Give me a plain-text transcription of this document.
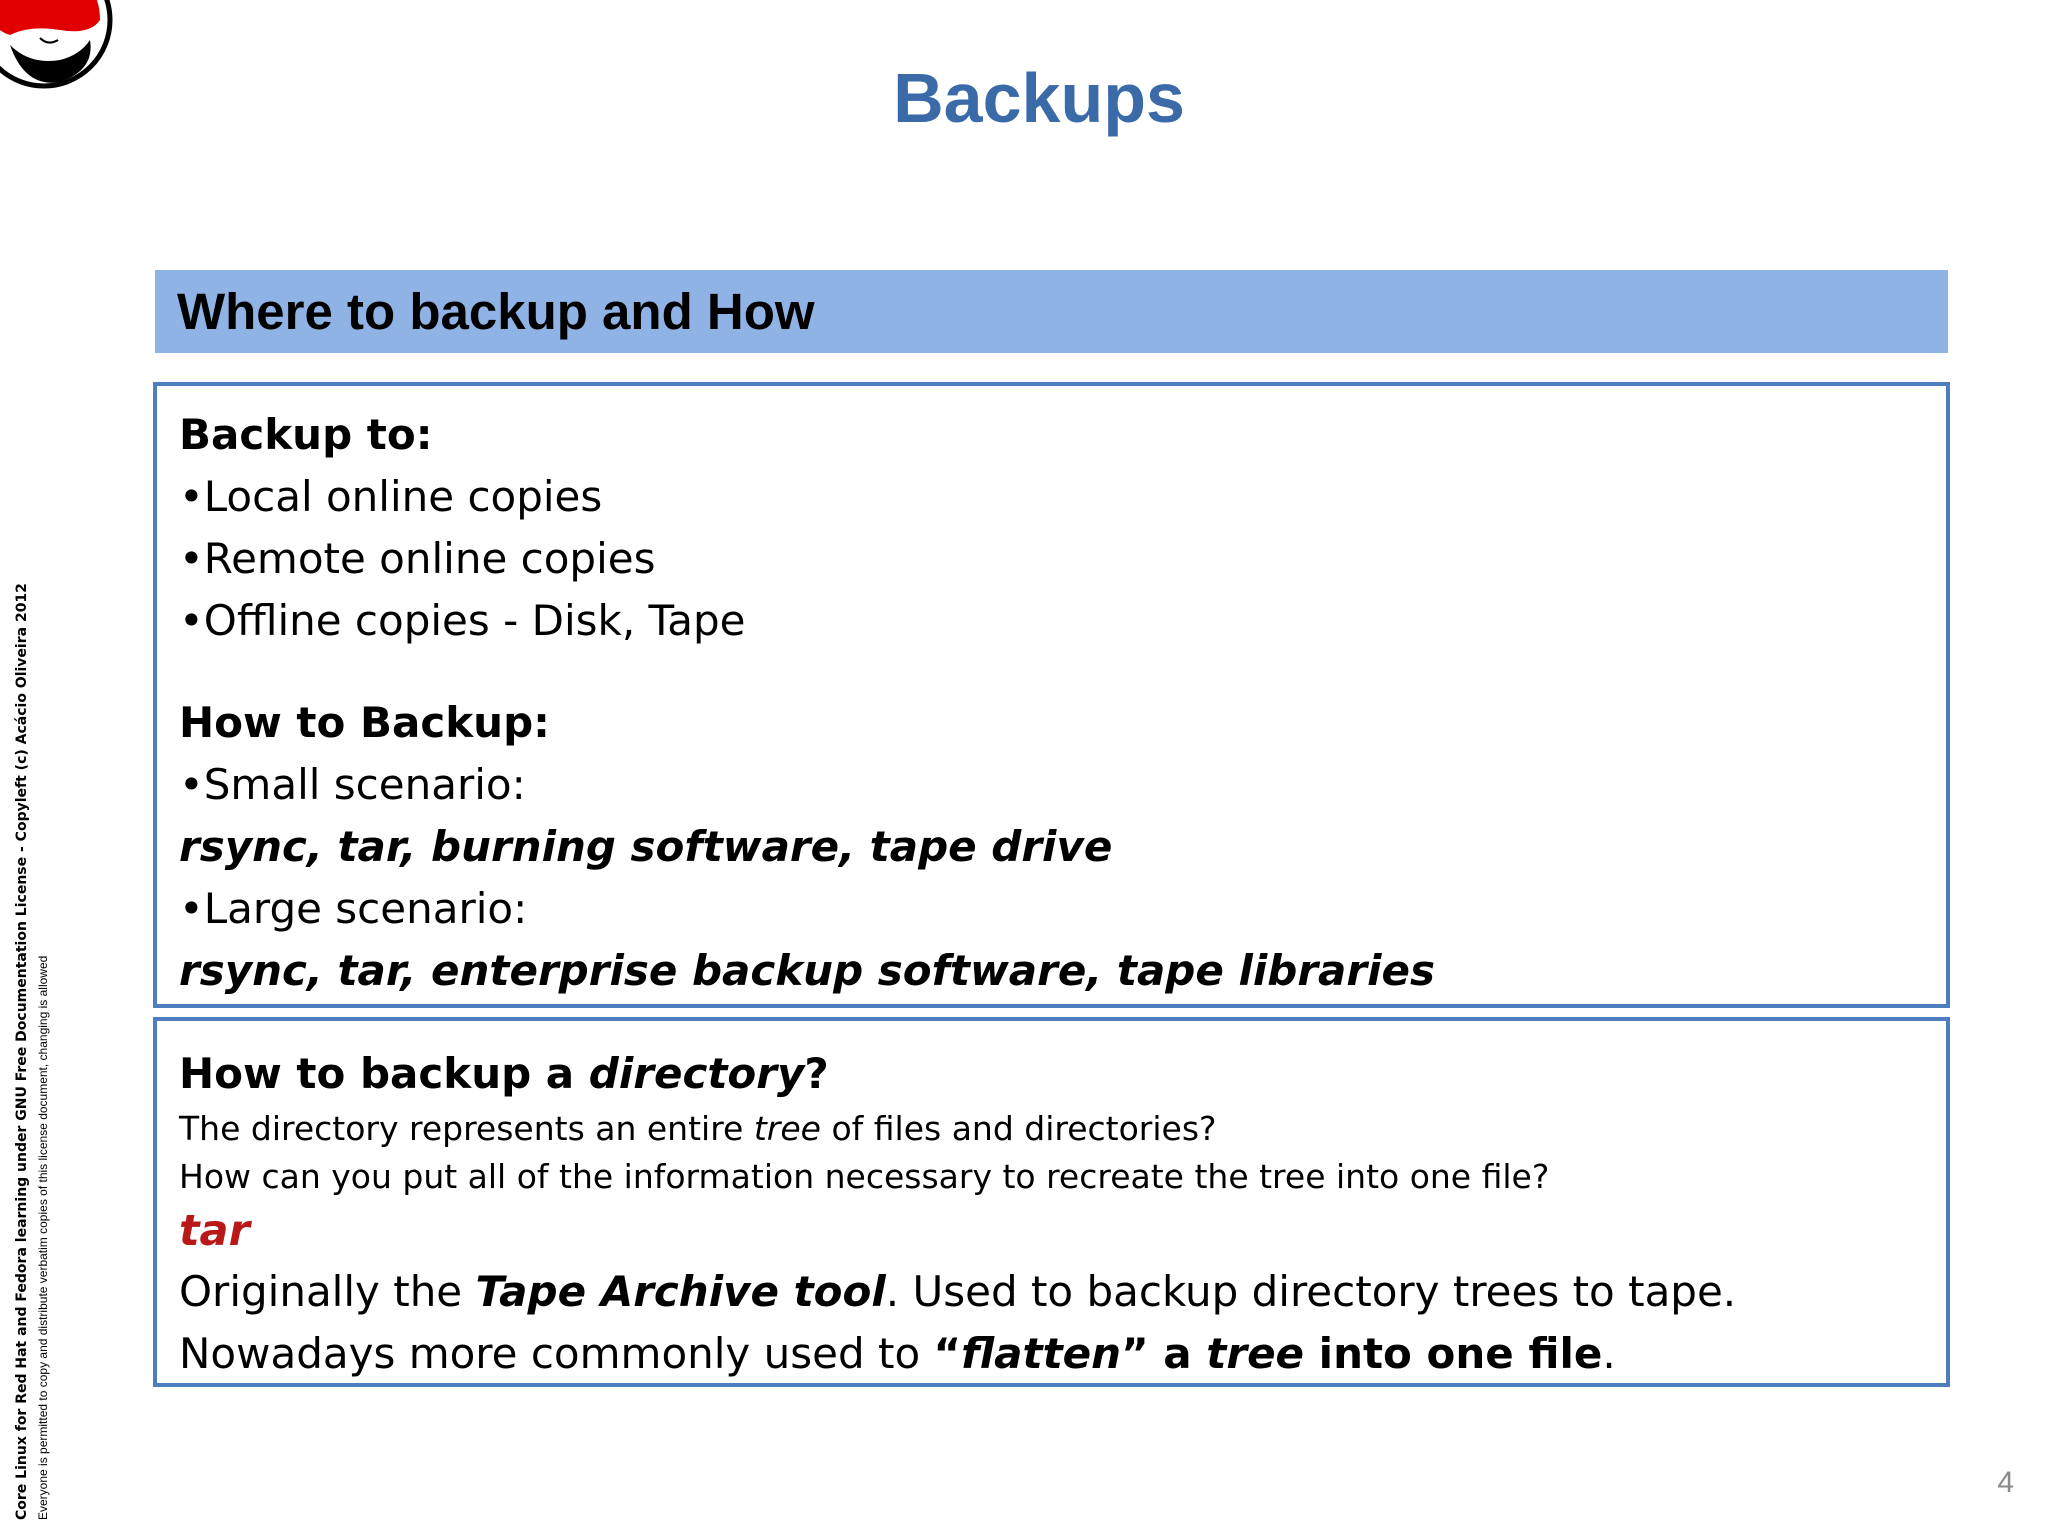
Backups
Core Linux for Red Hat and Fedora learning under GNU Free Documentation License - Copyleft (c) Acácio Oliveira 2012 Everyone is permitted to copy and distribute verbatim copies of this license document, changing is allowed
Where to backup and How
Backup to:
•Local online copies
•Remote online copies
•Offline copies - Disk, Tape
How to Backup:
•Small scenario:
rsync, tar, burning software, tape drive
•Large scenario:
rsync, tar, enterprise backup software, tape libraries
How to backup a directory?
The directory represents an entire tree of files and directories?
How can you put all of the information necessary to recreate the tree into one file?
tar
Originally the Tape Archive tool. Used to backup directory trees to tape.
Nowadays more commonly used to “flatten” a tree into one file.
4
